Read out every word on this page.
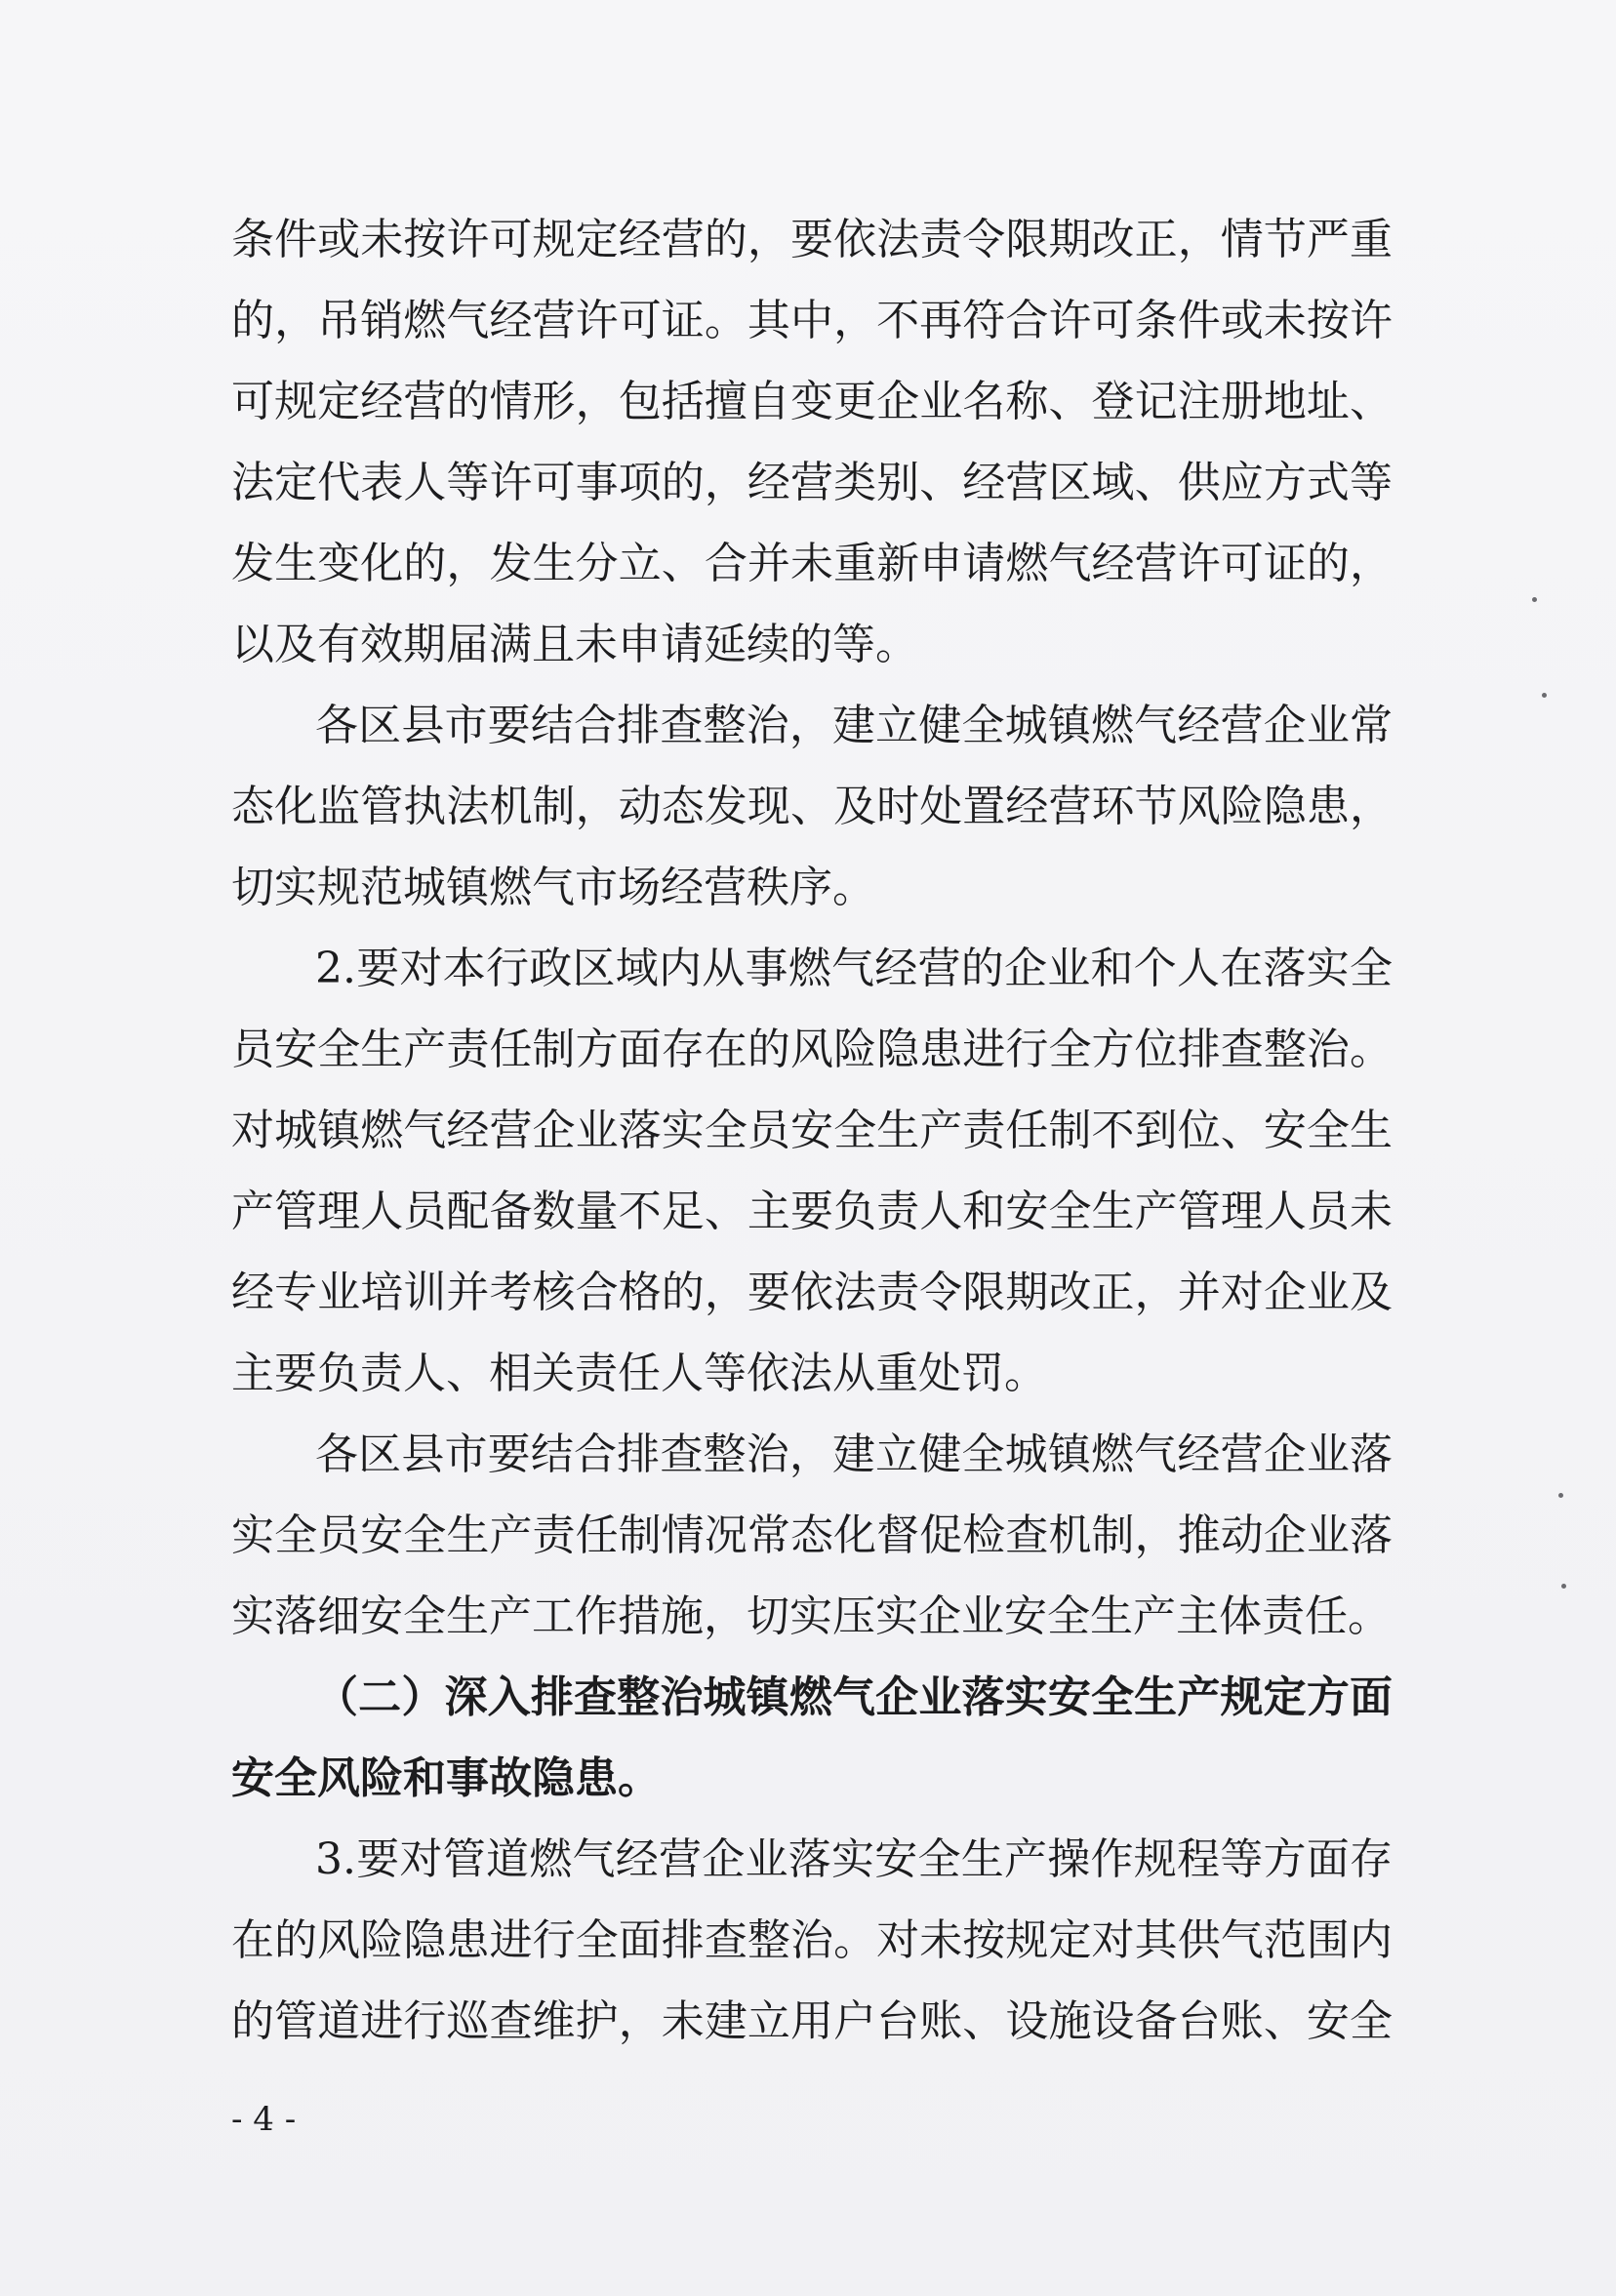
条件或未按许可规定经营的，要依法责令限期改正，情节严重
的，吊销燃气经营许可证。其中，不再符合许可条件或未按许
可规定经营的情形，包括擅自变更企业名称、登记注册地址、
法定代表人等许可事项的，经营类别、经营区域、供应方式等
发生变化的，发生分立、合并未重新申请燃气经营许可证的，
以及有效期届满且未申请延续的等。
各区县市要结合排查整治，建立健全城镇燃气经营企业常
态化监管执法机制，动态发现、及时处置经营环节风险隐患，
切实规范城镇燃气市场经营秩序。
2.要对本行政区域内从事燃气经营的企业和个人在落实全
员安全生产责任制方面存在的风险隐患进行全方位排查整治。
对城镇燃气经营企业落实全员安全生产责任制不到位、安全生
产管理人员配备数量不足、主要负责人和安全生产管理人员未
经专业培训并考核合格的，要依法责令限期改正，并对企业及
主要负责人、相关责任人等依法从重处罚。
各区县市要结合排查整治，建立健全城镇燃气经营企业落
实全员安全生产责任制情况常态化督促检查机制，推动企业落
实落细安全生产工作措施，切实压实企业安全生产主体责任。
（二）深入排查整治城镇燃气企业落实安全生产规定方面
安全风险和事故隐患。
3.要对管道燃气经营企业落实安全生产操作规程等方面存
在的风险隐患进行全面排查整治。对未按规定对其供气范围内
的管道进行巡查维护，未建立用户台账、设施设备台账、安全
- 4 -
